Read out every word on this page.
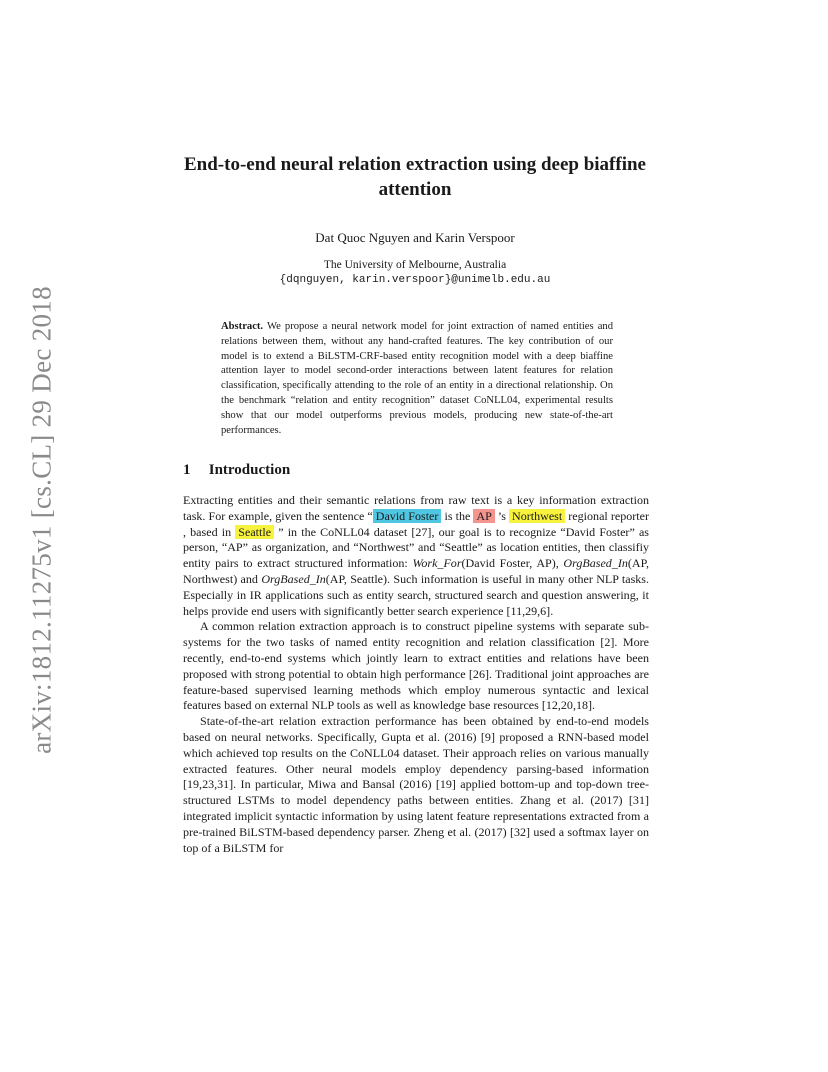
arXiv:1812.11275v1 [cs.CL] 29 Dec 2018
End-to-end neural relation extraction using deep biaffine attention
Dat Quoc Nguyen and Karin Verspoor
The University of Melbourne, Australia
{dqnguyen, karin.verspoor}@unimelb.edu.au
Abstract. We propose a neural network model for joint extraction of named entities and relations between them, without any hand-crafted features. The key contribution of our model is to extend a BiLSTM-CRF-based entity recognition model with a deep biaffine attention layer to model second-order interactions between latent features for relation classification, specifically attending to the role of an entity in a directional relationship. On the benchmark “relation and entity recognition” dataset CoNLL04, experimental results show that our model outperforms previous models, producing new state-of-the-art performances.
1 Introduction

Extracting entities and their semantic relations from raw text is a key information extraction task. For example, given the sentence “ David Foster is the AP ’s Northwest regional reporter , based in Seattle ” in the CoNLL04 dataset [27], our goal is to recognize “David Foster” as person, “AP” as organization, and “Northwest” and “Seattle” as location entities, then classifiy entity pairs to extract structured information: Work_For(David Foster, AP), OrgBased_In(AP, Northwest) and OrgBased_In(AP, Seattle). Such information is useful in many other NLP tasks. Especially in IR applications such as entity search, structured search and question answering, it helps provide end users with significantly better search experience [11,29,6].

A common relation extraction approach is to construct pipeline systems with separate sub-systems for the two tasks of named entity recognition and relation classification [2]. More recently, end-to-end systems which jointly learn to extract entities and relations have been proposed with strong potential to obtain high performance [26]. Traditional joint approaches are feature-based supervised learning methods which employ numerous syntactic and lexical features based on external NLP tools as well as knowledge base resources [12,20,18].

State-of-the-art relation extraction performance has been obtained by end-to-end models based on neural networks. Specifically, Gupta et al. (2016) [9] proposed a RNN-based model which achieved top results on the CoNLL04 dataset. Their approach relies on various manually extracted features. Other neural models employ dependency parsing-based information [19,23,31]. In particular, Miwa and Bansal (2016) [19] applied bottom-up and top-down tree-structured LSTMs to model dependency paths between entities. Zhang et al. (2017) [31] integrated implicit syntactic information by using latent feature representations extracted from a pre-trained BiLSTM-based dependency parser. Zheng et al. (2017) [32] used a softmax layer on top of a BiLSTM for
